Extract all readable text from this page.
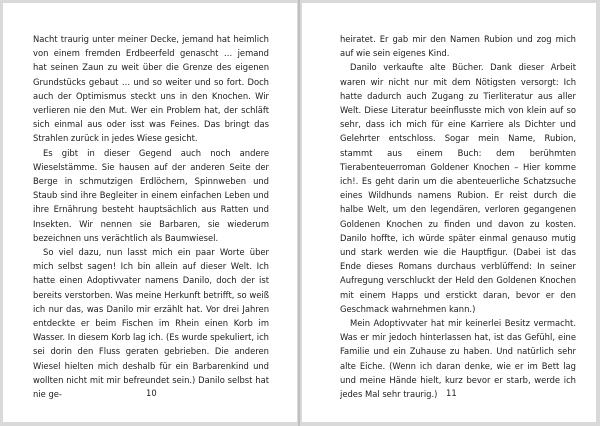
Nacht traurig unter meiner Decke, jemand hat heimlich von einem fremden Erdbeerfeld genascht … jemand hat seinen Zaun zu weit über die Grenze des eigenen Grundstücks gebaut … und so weiter und so fort. Doch auch der Optimismus steckt uns in den Knochen. Wir verlieren nie den Mut. Wer ein Problem hat, der schläft sich einmal aus oder isst was Feines. Das bringt das Strahlen zurück in jedes Wiese gesicht.

Es gibt in dieser Gegend auch noch andere Wieselstämme. Sie hausen auf der anderen Seite der Berge in schmutzigen Erdlöchern, Spinnweben und Staub sind ihre Begleiter in einem einfachen Leben und ihre Ernährung besteht hauptsächlich aus Ratten und Insekten. Wir nennen sie Barbaren, sie wiederum bezeichnen uns verächtlich als Baumwiesel.

So viel dazu, nun lasst mich ein paar Worte über mich selbst sagen! Ich bin allein auf dieser Welt. Ich hatte einen Adoptivvater namens Danilo, doch der ist bereits verstorben. Was meine Herkunft betrifft, so weiß ich nur das, was Danilo mir erzählt hat. Vor drei Jahren entdeckte er beim Fischen im Rhein einen Korb im Wasser. In diesem Korb lag ich. (Es wurde spekuliert, ich sei dorin den Fluss geraten gebrieben. Die anderen Wiesel hielten mich deshalb für ein Barbarenkind und wollten nicht mit mir befreundet sein.) Danilo selbst hat nie ge-	10

heiratet. Er gab mir den Namen Rubion und zog mich auf wie sein eigenes Kind.

Danilo verkaufte alte Bücher. Dank dieser Arbeit waren wir nicht nur mit dem Nötigsten versorgt: Ich hatte dadurch auch Zugang zu Tierliteratur aus aller Welt. Diese Literatur beeinflusste mich von klein auf so sehr, dass ich mich für eine Karriere als Dichter und Gelehrter entschloss. Sogar mein Name, Rubion, stammt aus einem Buch: dem berühmten Tierabenteuerroman Goldener Knochen – Hier komme ich!. Es geht darin um die abenteuerliche Schatzsuche eines Wildhunds namens Rubion. Er reist durch die halbe Welt, um den legendären, verloren gegangenen Goldenen Knochen zu finden und davon zu kosten. Danilo hoffte, ich würde später einmal genauso mutig und stark werden wie die Hauptfigur. (Dabei ist das Ende dieses Romans durchaus verblüffend: In seiner Aufregung verschluckt der Held den Goldenen Knochen mit einem Happs und erstickt daran, bevor er den Geschmack wahrnehmen kann.)

Mein Adoptivvater hat mir keinerlei Besitz vermacht. Was er mir jedoch hinterlassen hat, ist das Gefühl, eine Familie und ein Zuhause zu haben. Und natürlich sehr alte Eiche. (Wenn ich daran denke, wie er im Bett lag und meine Hände hielt, kurz bevor er starb, werde ich jedes Mal sehr traurig.)	11
